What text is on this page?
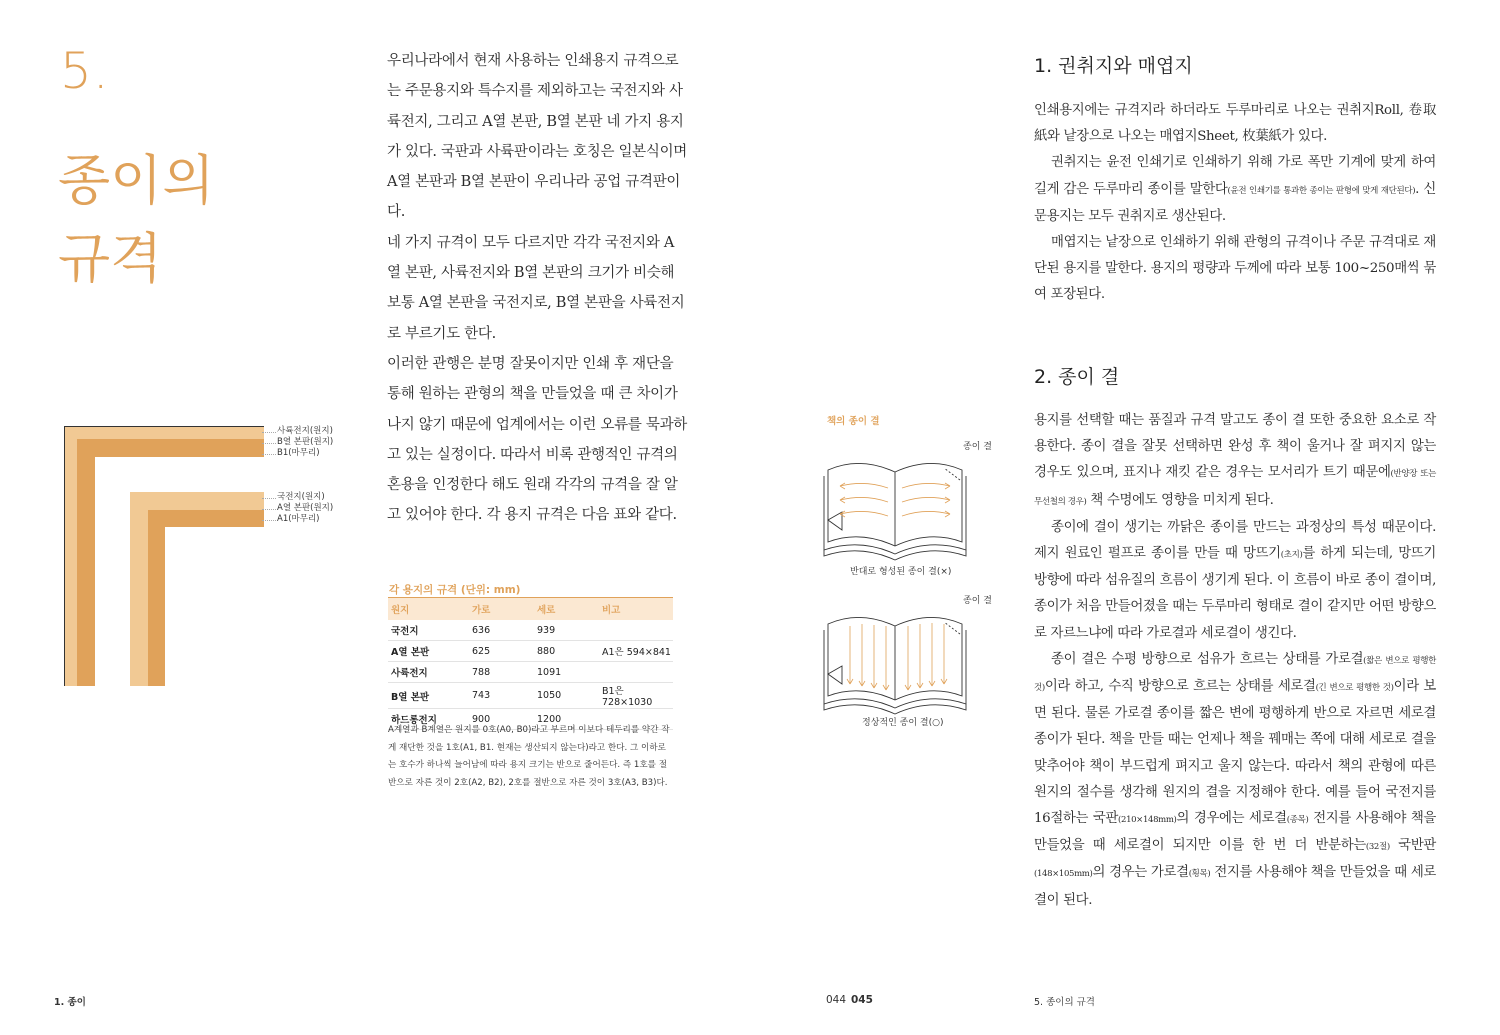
5.
종이의
규격

우리나라에서 현재 사용하는 인쇄용지 규격으로는 주문용지와 특수지를 제외하고는 국전지와 사륙전지, 그리고 A열 본판, B열 본판 네 가지 용지가 있다. 국판과 사륙판이라는 호칭은 일본식이며 A열 본판과 B열 본판이 우리나라 공업 규격판이다.

네 가지 규격이 모두 다르지만 각각 국전지와 A열 본판, 사륙전지와 B열 본판의 크기가 비슷해 보통 A열 본판을 국전지로, B열 본판을 사륙전지로 부르기도 한다.

이러한 관행은 분명 잘못이지만 인쇄 후 재단을 통해 원하는 관형의 책을 만들었을 때 큰 차이가 나지 않기 때문에 업계에서는 이런 오류를 묵과하고 있는 실정이다. 따라서 비록 관행적인 규격의 혼용을 인정한다 해도 원래 각각의 규격을 잘 알고 있어야 한다. 각 용지 규격은 다음 표와 같다.

사륙전지(원지)
B열 본판(원지)
B1(마무리)
국전지(원지)
A열 본판(원지)
A1(마무리)
각 용지의 규격 (단위: mm)
원지	가로	세로	비고
국전지	636	939	
A열 본판	625	880	A1은 594×841
사륙전지	788	1091	
B열 본판	743	1050	B1은 728×1030
하드롱전지	900	1200	
A계열과 B계열은 원지를 0호(A0, B0)라고 부르며 이보다 테두리를 약간 작게 재단한 것을 1호(A1, B1. 현재는 생산되지 않는다)라고 한다. 그 이하로는 호수가 하나씩 늘어남에 따라 용지 크기는 반으로 줄어든다. 즉 1호를 절반으로 자른 것이 2호(A2, B2), 2호를 절반으로 자른 것이 3호(A3, B3)다.
책의 종이 결
종이 결
반대로 형성된 종이 결(×)
종이 결
정상적인 종이 결(○)
1. 권취지와 매엽지

인쇄용지에는 규격지라 하더라도 두루마리로 나오는 권취지Roll, 卷取紙와 낱장으로 나오는 매엽지Sheet, 枚葉紙가 있다.

권취지는 윤전 인쇄기로 인쇄하기 위해 가로 폭만 기계에 맞게 하여 길게 감은 두루마리 종이를 말한다(윤전 인쇄기를 통과한 종이는 판형에 맞게 재단된다). 신문용지는 모두 권취지로 생산된다.

매엽지는 낱장으로 인쇄하기 위해 관형의 규격이나 주문 규격대로 재단된 용지를 말한다. 용지의 평량과 두께에 따라 보통 100~250매씩 묶여 포장된다.

2. 종이 결

용지를 선택할 때는 품질과 규격 말고도 종이 결 또한 중요한 요소로 작용한다. 종이 결을 잘못 선택하면 완성 후 책이 울거나 잘 펴지지 않는 경우도 있으며, 표지나 재킷 같은 경우는 모서리가 트기 때문에(반양장 또는 무선철의 경우) 책 수명에도 영향을 미치게 된다.

종이에 결이 생기는 까닭은 종이를 만드는 과정상의 특성 때문이다. 제지 원료인 펄프로 종이를 만들 때 망뜨기(초지)를 하게 되는데, 망뜨기 방향에 따라 섬유질의 흐름이 생기게 된다. 이 흐름이 바로 종이 결이며, 종이가 처음 만들어졌을 때는 두루마리 형태로 결이 같지만 어떤 방향으로 자르느냐에 따라 가로결과 세로결이 생긴다.

종이 결은 수평 방향으로 섬유가 흐르는 상태를 가로결(짧은 변으로 평행한 것)이라 하고, 수직 방향으로 흐르는 상태를 세로결(긴 변으로 평행한 것)이라 보면 된다. 물론 가로결 종이를 짧은 변에 평행하게 반으로 자르면 세로결 종이가 된다. 책을 만들 때는 언제나 책을 꿰매는 쪽에 대해 세로로 결을 맞추어야 책이 부드럽게 펴지고 울지 않는다. 따라서 책의 관형에 따른 원지의 절수를 생각해 원지의 결을 지정해야 한다. 예를 들어 국전지를 16절하는 국판(210×148mm)의 경우에는 세로결(종목) 전지를 사용해야 책을 만들었을 때 세로결이 되지만 이를 한 번 더 반분하는(32절) 국반판(148×105mm)의 경우는 가로결(횡목) 전지를 사용해야 책을 만들었을 때 세로결이 된다.

1. 종이	044 045	5. 종이의 규격
